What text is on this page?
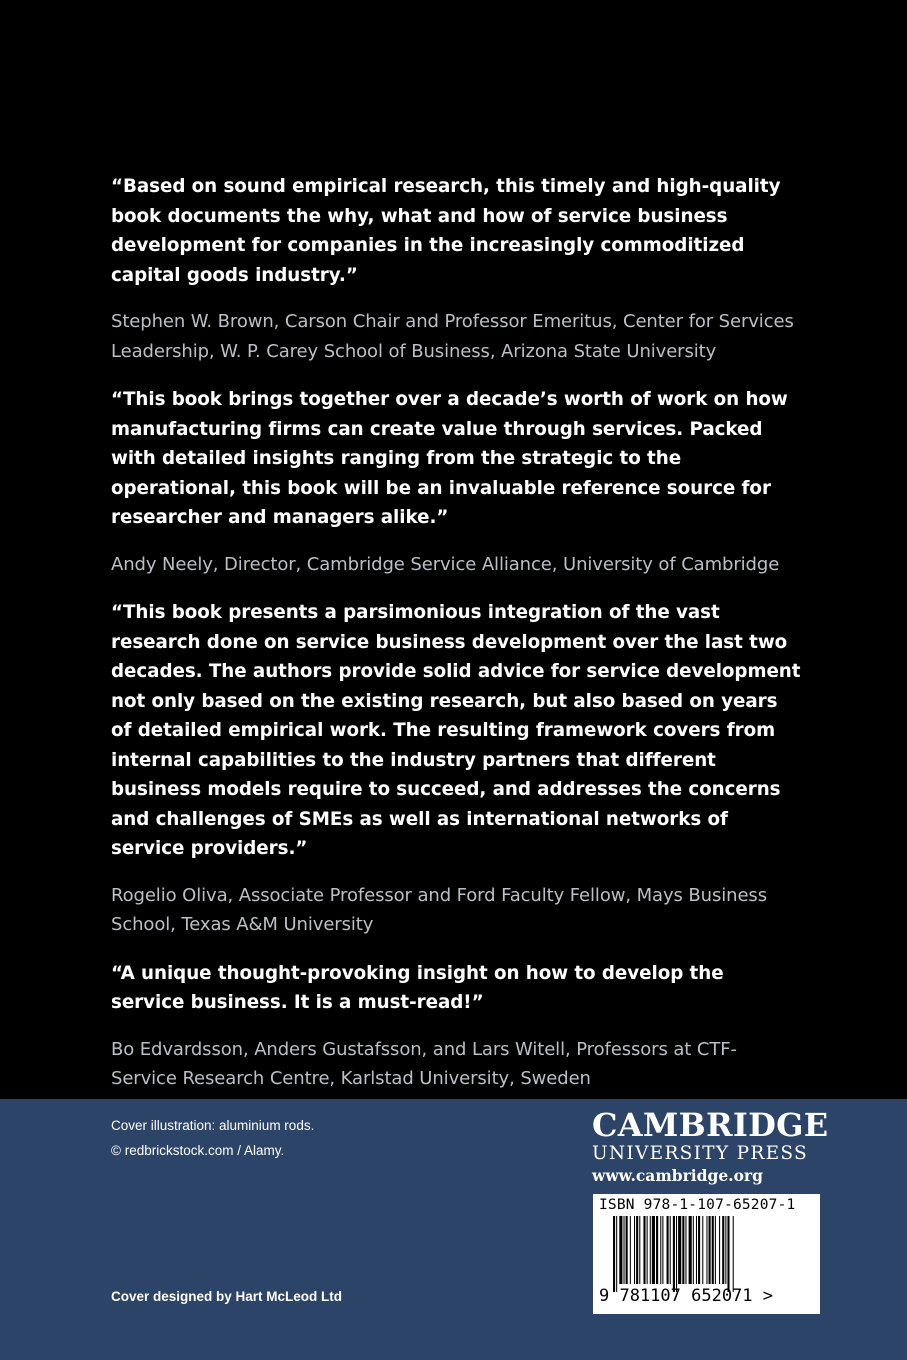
“Based on sound empirical research, this timely and high-quality book documents the why, what and how of service business development for companies in the increasingly commoditized capital goods industry.”

Stephen W. Brown, Carson Chair and Professor Emeritus, Center for Services Leadership, W. P. Carey School of Business, Arizona State University

“This book brings together over a decade’s worth of work on how manufacturing firms can create value through services. Packed with detailed insights ranging from the strategic to the operational, this book will be an invaluable reference source for researcher and managers alike.”

Andy Neely, Director, Cambridge Service Alliance, University of Cambridge

“This book presents a parsimonious integration of the vast research done on service business development over the last two decades. The authors provide solid advice for service development not only based on the existing research, but also based on years of detailed empirical work. The resulting framework covers from internal capabilities to the industry partners that different business models require to succeed, and addresses the concerns and challenges of SMEs as well as international networks of service providers.”

Rogelio Oliva, Associate Professor and Ford Faculty Fellow, Mays Business School, Texas A&M University

“A unique thought-provoking insight on how to develop the service business. It is a must-read!”

Bo Edvardsson, Anders Gustafsson, and Lars Witell, Professors at CTF-Service Research Centre, Karlstad University, Sweden

Cover illustration: aluminium rods.
© redbrickstock.com / Alamy.
Cover designed by Hart McLeod Ltd
CAMBRIDGE
UNIVERSITY PRESS
www.cambridge.org
ISBN 978-1-107-65207-1
9 781107 652071 >
